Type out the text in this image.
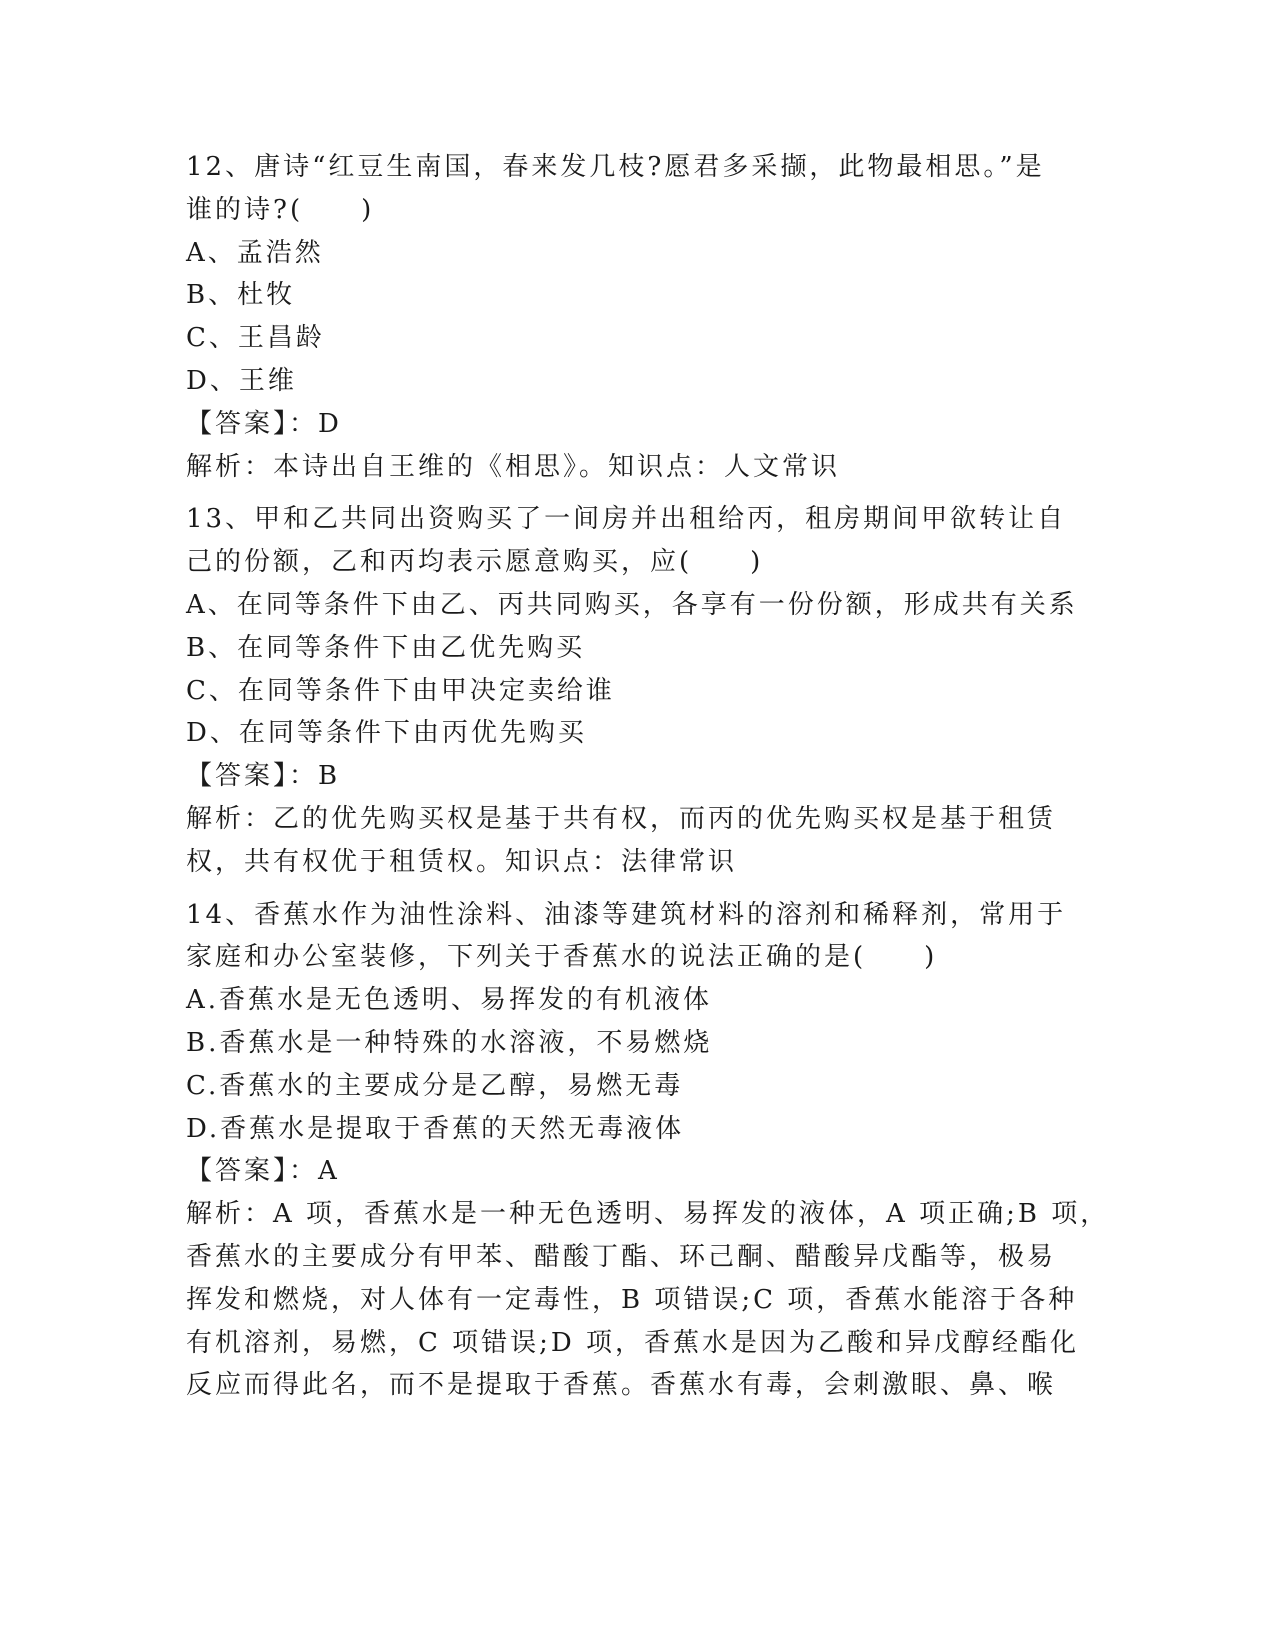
12、唐诗“红豆生南国，春来发几枝?愿君多采撷，此物最相思。”是
谁的诗?(　　)
A、孟浩然
B、杜牧
C、王昌龄
D、王维
【答案】：D
解析：本诗出自王维的《相思》。知识点：人文常识
13、甲和乙共同出资购买了一间房并出租给丙，租房期间甲欲转让自
己的份额，乙和丙均表示愿意购买，应(　　)
A、在同等条件下由乙、丙共同购买，各享有一份份额，形成共有关系
B、在同等条件下由乙优先购买
C、在同等条件下由甲决定卖给谁
D、在同等条件下由丙优先购买
【答案】：B
解析：乙的优先购买权是基于共有权，而丙的优先购买权是基于租赁
权，共有权优于租赁权。知识点：法律常识
14、香蕉水作为油性涂料、油漆等建筑材料的溶剂和稀释剂，常用于
家庭和办公室装修，下列关于香蕉水的说法正确的是(　　)
A.香蕉水是无色透明、易挥发的有机液体
B.香蕉水是一种特殊的水溶液，不易燃烧
C.香蕉水的主要成分是乙醇，易燃无毒
D.香蕉水是提取于香蕉的天然无毒液体
【答案】：A
解析：A 项，香蕉水是一种无色透明、易挥发的液体，A 项正确;B 项，
香蕉水的主要成分有甲苯、醋酸丁酯、环己酮、醋酸异戊酯等，极易
挥发和燃烧，对人体有一定毒性，B 项错误;C 项，香蕉水能溶于各种
有机溶剂，易燃，C 项错误;D 项，香蕉水是因为乙酸和异戊醇经酯化
反应而得此名，而不是提取于香蕉。香蕉水有毒，会刺激眼、鼻、喉
